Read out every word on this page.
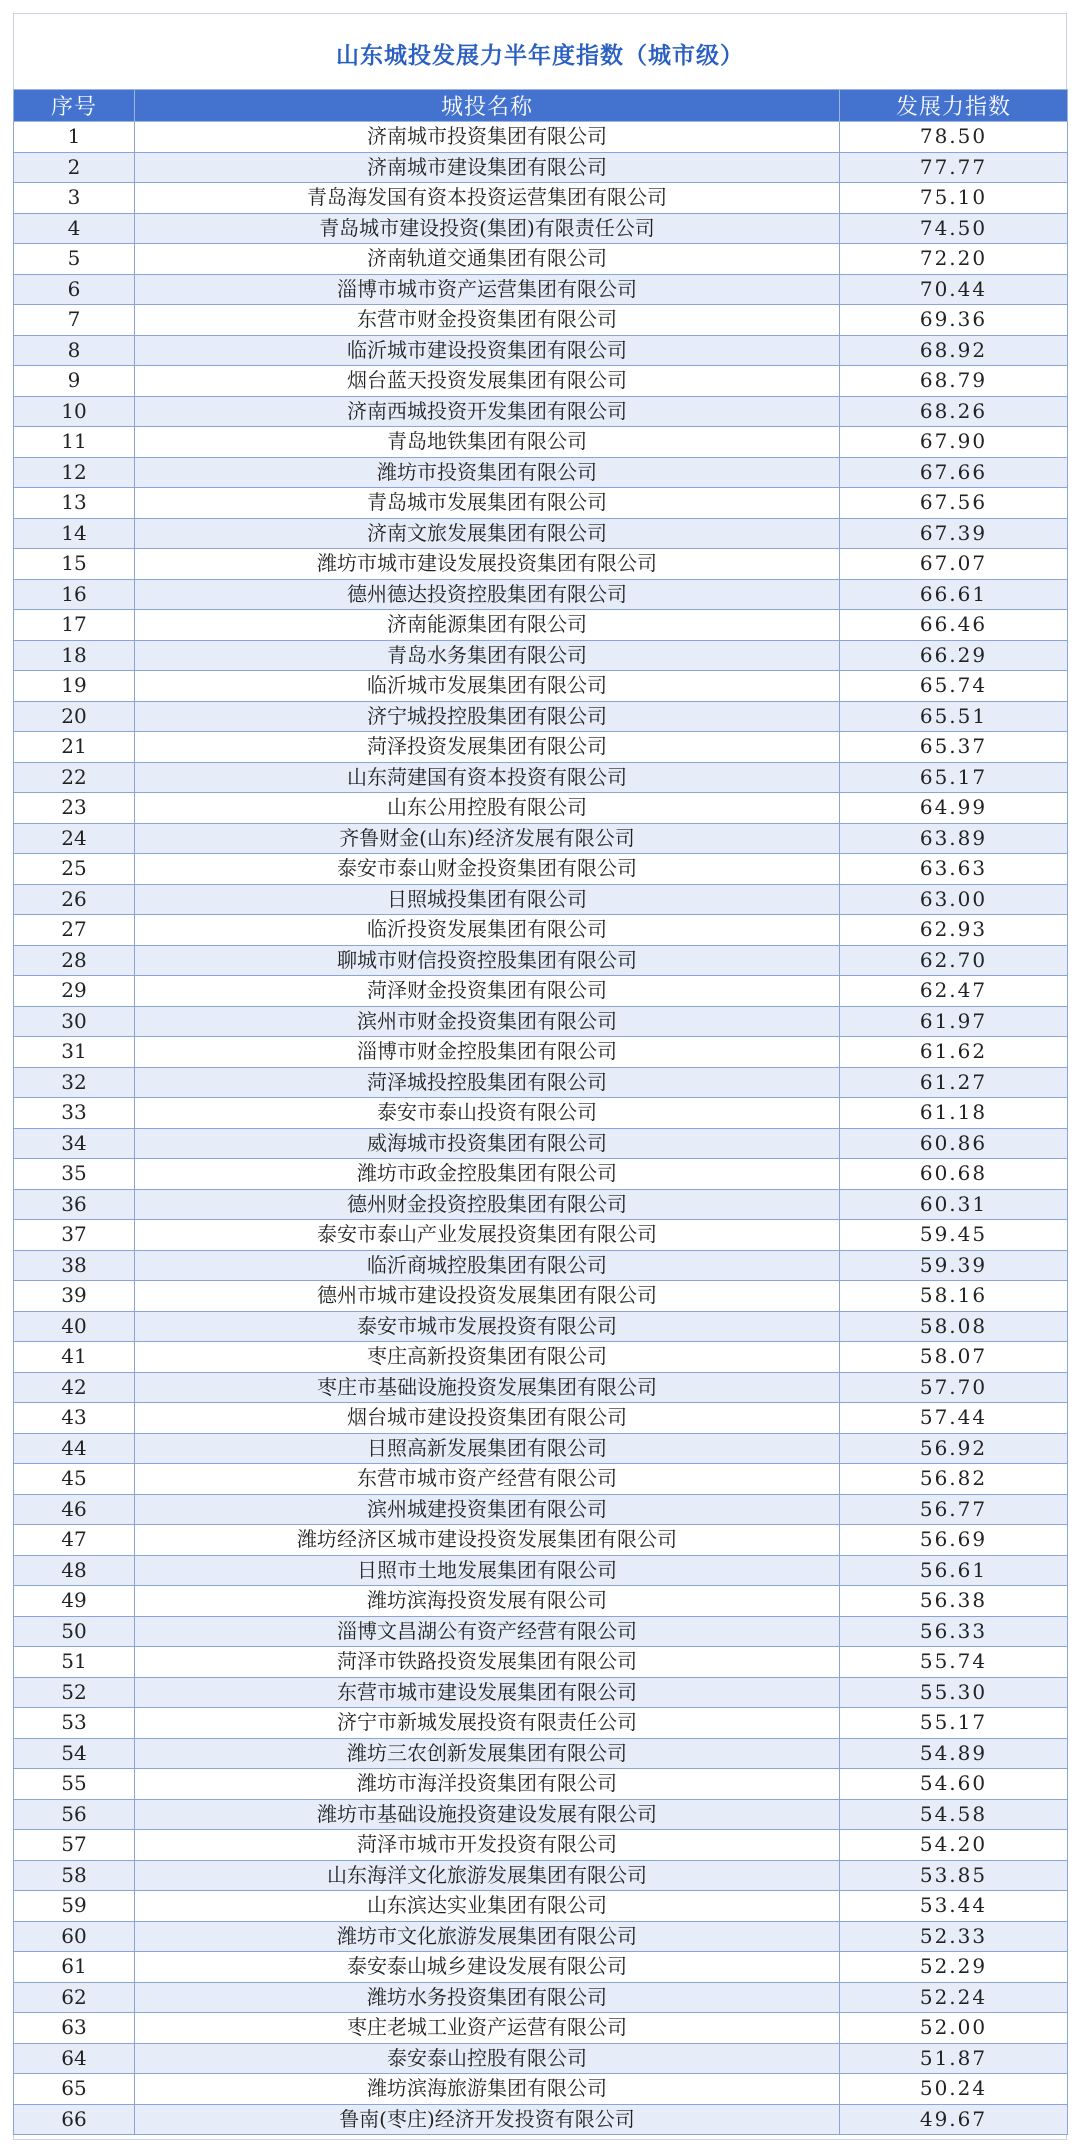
山东城投发展力半年度指数（城市级）
序号	城投名称	发展力指数
1	济南城市投资集团有限公司	78.50
2	济南城市建设集团有限公司	77.77
3	青岛海发国有资本投资运营集团有限公司	75.10
4	青岛城市建设投资(集团)有限责任公司	74.50
5	济南轨道交通集团有限公司	72.20
6	淄博市城市资产运营集团有限公司	70.44
7	东营市财金投资集团有限公司	69.36
8	临沂城市建设投资集团有限公司	68.92
9	烟台蓝天投资发展集团有限公司	68.79
10	济南西城投资开发集团有限公司	68.26
11	青岛地铁集团有限公司	67.90
12	潍坊市投资集团有限公司	67.66
13	青岛城市发展集团有限公司	67.56
14	济南文旅发展集团有限公司	67.39
15	潍坊市城市建设发展投资集团有限公司	67.07
16	德州德达投资控股集团有限公司	66.61
17	济南能源集团有限公司	66.46
18	青岛水务集团有限公司	66.29
19	临沂城市发展集团有限公司	65.74
20	济宁城投控股集团有限公司	65.51
21	菏泽投资发展集团有限公司	65.37
22	山东菏建国有资本投资有限公司	65.17
23	山东公用控股有限公司	64.99
24	齐鲁财金(山东)经济发展有限公司	63.89
25	泰安市泰山财金投资集团有限公司	63.63
26	日照城投集团有限公司	63.00
27	临沂投资发展集团有限公司	62.93
28	聊城市财信投资控股集团有限公司	62.70
29	菏泽财金投资集团有限公司	62.47
30	滨州市财金投资集团有限公司	61.97
31	淄博市财金控股集团有限公司	61.62
32	菏泽城投控股集团有限公司	61.27
33	泰安市泰山投资有限公司	61.18
34	威海城市投资集团有限公司	60.86
35	潍坊市政金控股集团有限公司	60.68
36	德州财金投资控股集团有限公司	60.31
37	泰安市泰山产业发展投资集团有限公司	59.45
38	临沂商城控股集团有限公司	59.39
39	德州市城市建设投资发展集团有限公司	58.16
40	泰安市城市发展投资有限公司	58.08
41	枣庄高新投资集团有限公司	58.07
42	枣庄市基础设施投资发展集团有限公司	57.70
43	烟台城市建设投资集团有限公司	57.44
44	日照高新发展集团有限公司	56.92
45	东营市城市资产经营有限公司	56.82
46	滨州城建投资集团有限公司	56.77
47	潍坊经济区城市建设投资发展集团有限公司	56.69
48	日照市土地发展集团有限公司	56.61
49	潍坊滨海投资发展有限公司	56.38
50	淄博文昌湖公有资产经营有限公司	56.33
51	菏泽市铁路投资发展集团有限公司	55.74
52	东营市城市建设发展集团有限公司	55.30
53	济宁市新城发展投资有限责任公司	55.17
54	潍坊三农创新发展集团有限公司	54.89
55	潍坊市海洋投资集团有限公司	54.60
56	潍坊市基础设施投资建设发展有限公司	54.58
57	菏泽市城市开发投资有限公司	54.20
58	山东海洋文化旅游发展集团有限公司	53.85
59	山东滨达实业集团有限公司	53.44
60	潍坊市文化旅游发展集团有限公司	52.33
61	泰安泰山城乡建设发展有限公司	52.29
62	潍坊水务投资集团有限公司	52.24
63	枣庄老城工业资产运营有限公司	52.00
64	泰安泰山控股有限公司	51.87
65	潍坊滨海旅游集团有限公司	50.24
66	鲁南(枣庄)经济开发投资有限公司	49.67
